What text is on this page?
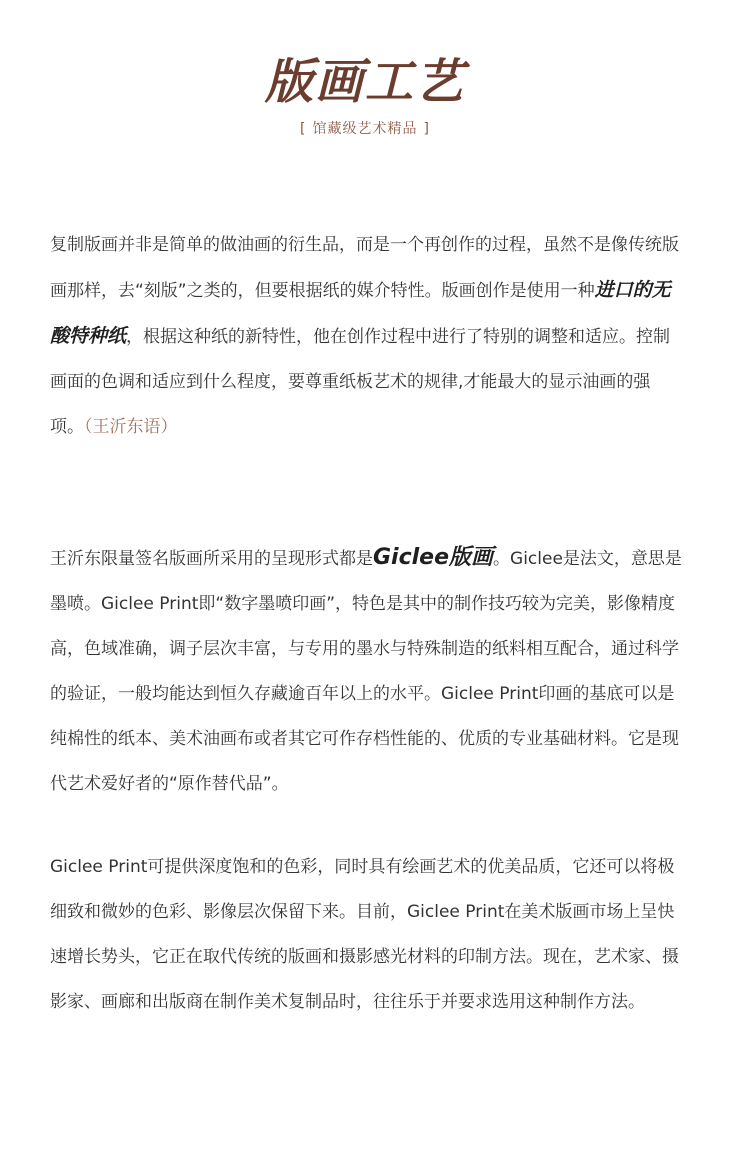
版画工艺
[ 馆藏级艺术精品 ]

复制版画并非是简单的做油画的衍生品，而是一个再创作的过程，虽然不是像传统版画那样，去“刻版”之类的，但要根据纸的媒介特性。版画创作是使用一种进口的无酸特种纸，根据这种纸的新特性，他在创作过程中进行了特别的调整和适应。控制画面的色调和适应到什么程度，要尊重纸板艺术的规律,才能最大的显示油画的强项。（王沂东语）

王沂东限量签名版画所采用的呈现形式都是Giclee版画。Giclee是法文，意思是墨喷。Giclee Print即“数字墨喷印画”，特色是其中的制作技巧较为完美，影像精度高，色域准确，调子层次丰富，与专用的墨水与特殊制造的纸料相互配合，通过科学的验证，一般均能达到恒久存藏逾百年以上的水平。Giclee Print印画的基底可以是纯棉性的纸本、美术油画布或者其它可作存档性能的、优质的专业基础材料。它是现代艺术爱好者的“原作替代品”。

Giclee Print可提供深度饱和的色彩，同时具有绘画艺术的优美品质，它还可以将极细致和微妙的色彩、影像层次保留下来。目前，Giclee Print在美术版画市场上呈快速增长势头，它正在取代传统的版画和摄影感光材料的印制方法。现在，艺术家、摄影家、画廊和出版商在制作美术复制品时，往往乐于并要求选用这种制作方法。
